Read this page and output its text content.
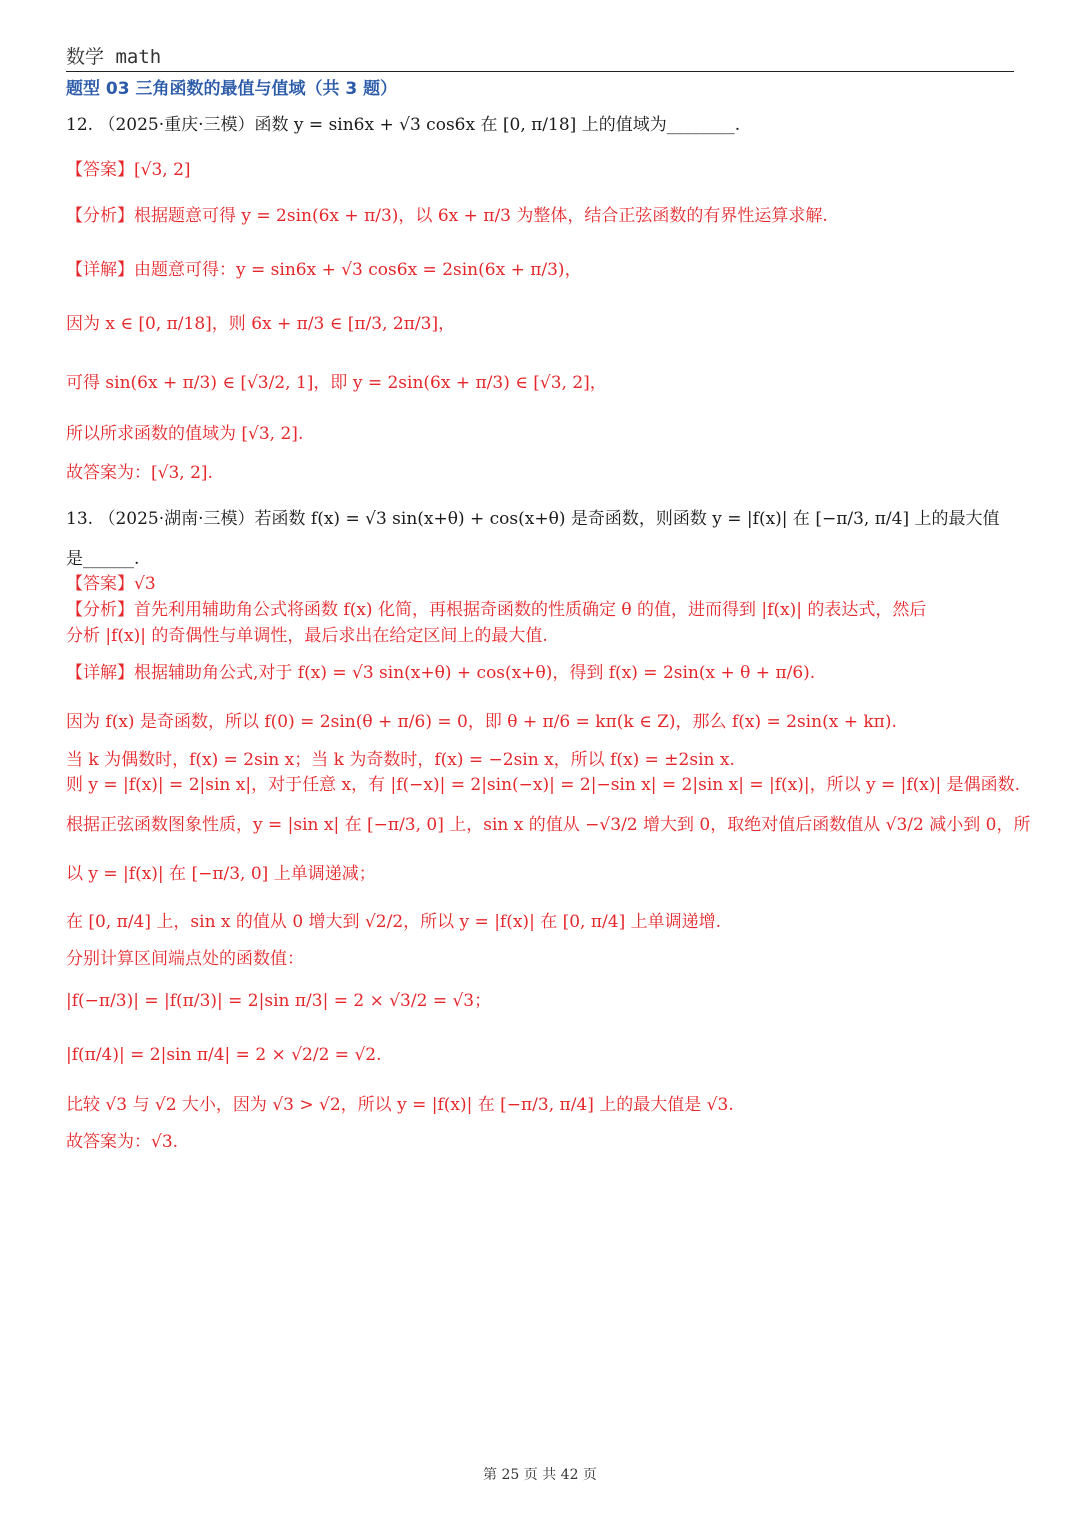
数学 math
题型 03 三角函数的最值与值域（共 3 题）
12. （2025·重庆·三模）函数 y = sin6x + √3 cos6x 在 [0, π/18] 上的值域为________.
【答案】[√3, 2]
【分析】根据题意可得 y = 2sin(6x + π/3)，以 6x + π/3 为整体，结合正弦函数的有界性运算求解.
【详解】由题意可得：y = sin6x + √3 cos6x = 2sin(6x + π/3)，
因为 x ∈ [0, π/18]，则 6x + π/3 ∈ [π/3, 2π/3]，
可得 sin(6x + π/3) ∈ [√3/2, 1]，即 y = 2sin(6x + π/3) ∈ [√3, 2]，
所以所求函数的值域为 [√3, 2].
故答案为：[√3, 2].
13. （2025·湖南·三模）若函数 f(x) = √3 sin(x+θ) + cos(x+θ) 是奇函数，则函数 y = |f(x)| 在 [−π/3, π/4] 上的最大值
是______.
【答案】√3
【分析】首先利用辅助角公式将函数 f(x) 化简，再根据奇函数的性质确定 θ 的值，进而得到 |f(x)| 的表达式，然后
分析 |f(x)| 的奇偶性与单调性，最后求出在给定区间上的最大值.
【详解】根据辅助角公式,对于 f(x) = √3 sin(x+θ) + cos(x+θ)，得到 f(x) = 2sin(x + θ + π/6).
因为 f(x) 是奇函数，所以 f(0) = 2sin(θ + π/6) = 0，即 θ + π/6 = kπ(k ∈ Z)，那么 f(x) = 2sin(x + kπ).
当 k 为偶数时，f(x) = 2sin x；当 k 为奇数时，f(x) = −2sin x，所以 f(x) = ±2sin x.
则 y = |f(x)| = 2|sin x|，对于任意 x，有 |f(−x)| = 2|sin(−x)| = 2|−sin x| = 2|sin x| = |f(x)|，所以 y = |f(x)| 是偶函数.
根据正弦函数图象性质，y = |sin x| 在 [−π/3, 0] 上，sin x 的值从 −√3/2 增大到 0，取绝对值后函数值从 √3/2 减小到 0，所
以 y = |f(x)| 在 [−π/3, 0] 上单调递减；
在 [0, π/4] 上，sin x 的值从 0 增大到 √2/2，所以 y = |f(x)| 在 [0, π/4] 上单调递增.
分别计算区间端点处的函数值：
|f(−π/3)| = |f(π/3)| = 2|sin π/3| = 2 × √3/2 = √3；
|f(π/4)| = 2|sin π/4| = 2 × √2/2 = √2.
比较 √3 与 √2 大小，因为 √3 > √2，所以 y = |f(x)| 在 [−π/3, π/4] 上的最大值是 √3.
故答案为：√3.
第 25 页 共 42 页
